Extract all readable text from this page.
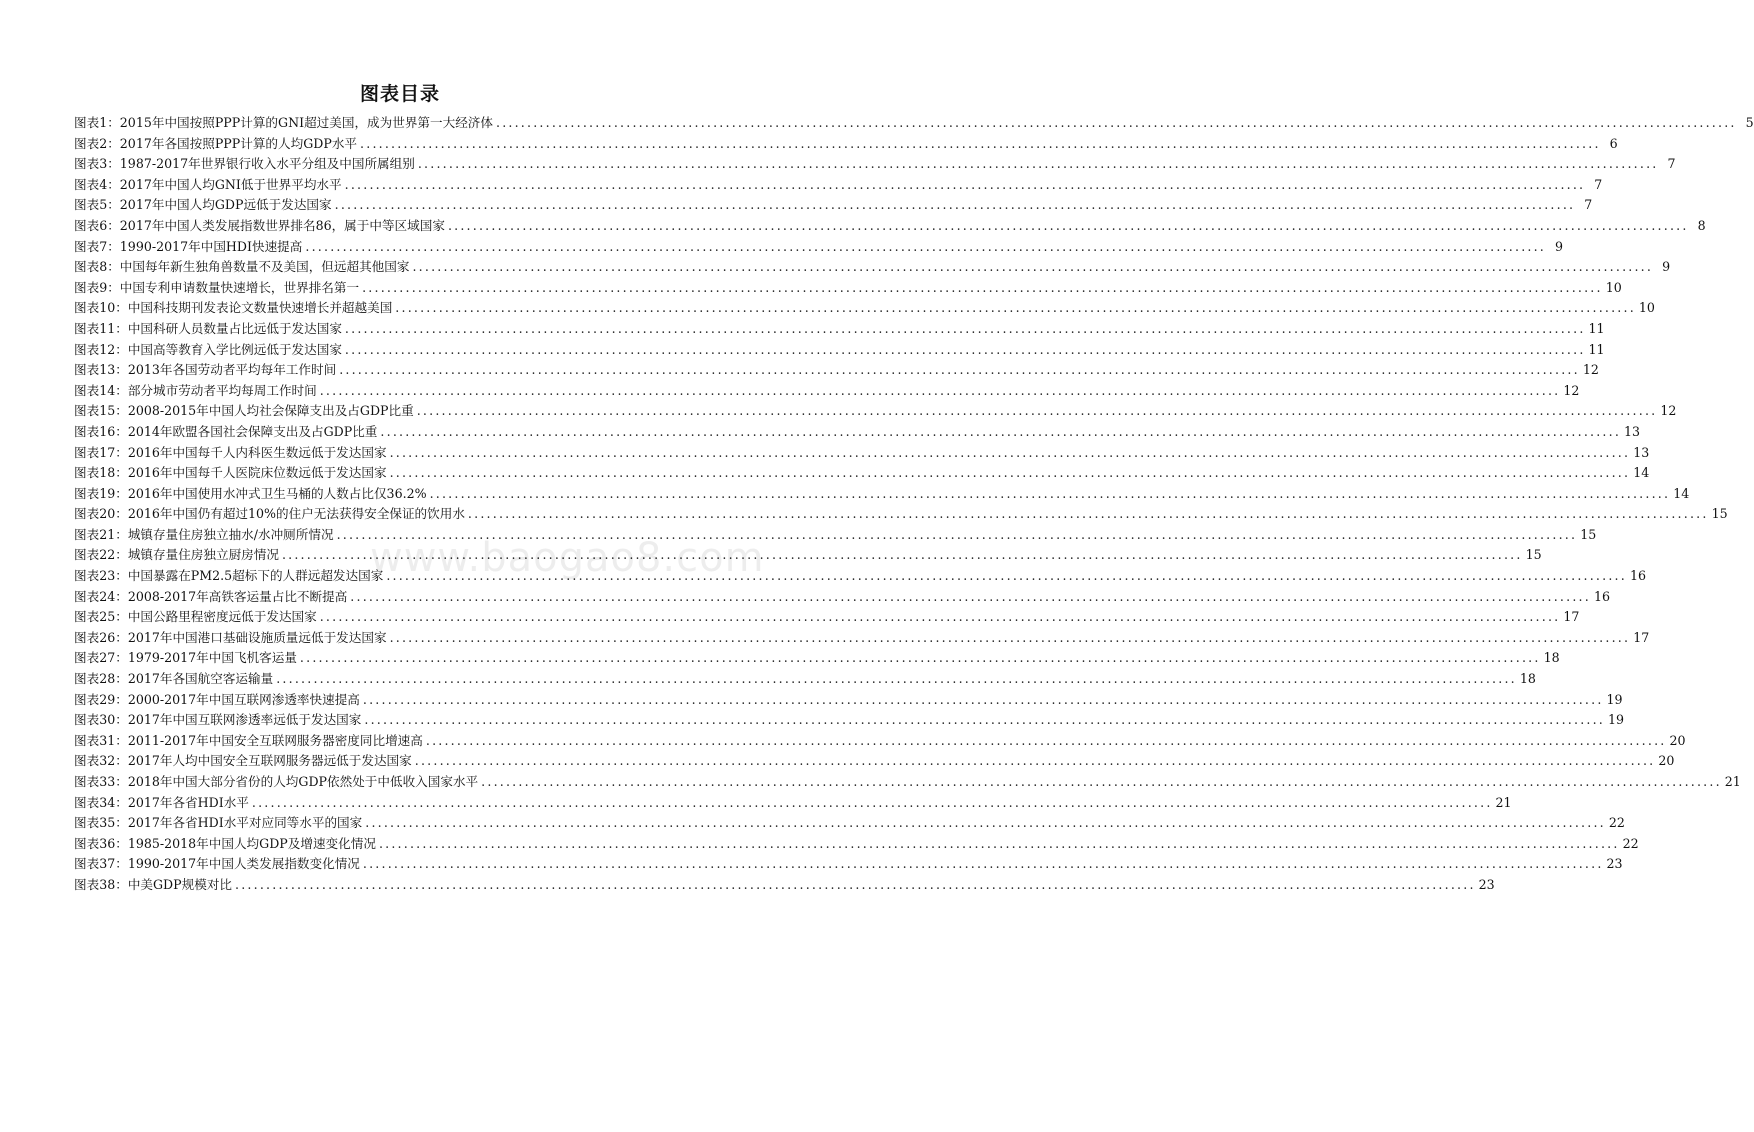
图表目录
图表1： 2015年中国按照PPP计算的GNI超过美国，成为世界第一大经济体 .....	5
图表2： 2017年各国按照PPP计算的人均GDP水平 .....	6
图表3： 1987-2017年世界银行收入水平分组及中国所属组别 .....	7
图表4： 2017年中国人均GNI低于世界平均水平 .....	7
图表5： 2017年中国人均GDP远低于发达国家 .....	7
图表6： 2017年中国人类发展指数世界排名86，属于中等区域国家 .....	8
图表7： 1990-2017年中国HDI快速提高 .....	9
图表8： 中国每年新生独角兽数量不及美国，但远超其他国家 .....	9
图表9： 中国专利申请数量快速增长，世界排名第一 .....	10
图表10： 中国科技期刊发表论文数量快速增长并超越美国 .....	10
图表11： 中国科研人员数量占比远低于发达国家 .....	11
图表12： 中国高等教育入学比例远低于发达国家 .....	11
图表13： 2013年各国劳动者平均每年工作时间 .....	12
图表14： 部分城市劳动者平均每周工作时间 .....	12
图表15： 2008-2015年中国人均社会保障支出及占GDP比重 .....	12
图表16： 2014年欧盟各国社会保障支出及占GDP比重 .....	13
图表17： 2016年中国每千人内科医生数远低于发达国家 .....	13
图表18： 2016年中国每千人医院床位数远低于发达国家 .....	14
图表19： 2016年中国使用水冲式卫生马桶的人数占比仅36.2% .....	14
图表20： 2016年中国仍有超过10%的住户无法获得安全保证的饮用水 .....	15
图表21： 城镇存量住房独立抽水/水冲厕所情况 .....	15
图表22： 城镇存量住房独立厨房情况 .....	15
图表23： 中国暴露在PM2.5超标下的人群远超发达国家 .....	16
图表24： 2008-2017年高铁客运量占比不断提高 .....	16
图表25： 中国公路里程密度远低于发达国家 .....	17
图表26： 2017年中国港口基础设施质量远低于发达国家 .....	17
图表27： 1979-2017年中国飞机客运量 .....	18
图表28： 2017年各国航空客运输量 .....	18
图表29： 2000-2017年中国互联网渗透率快速提高 .....	19
图表30： 2017年中国互联网渗透率远低于发达国家 .....	19
图表31： 2011-2017年中国安全互联网服务器密度同比增速高 .....	20
图表32： 2017年人均中国安全互联网服务器远低于发达国家 .....	20
图表33： 2018年中国大部分省份的人均GDP依然处于中低收入国家水平 .....	21
图表34： 2017年各省HDI水平 .....	21
图表35： 2017年各省HDI水平对应同等水平的国家 .....	22
图表36： 1985-2018年中国人均GDP及增速变化情况 .....	22
图表37： 1990-2017年中国人类发展指数变化情况 .....	23
图表38： 中美GDP规模对比 .....	23
www.baogao8.com
